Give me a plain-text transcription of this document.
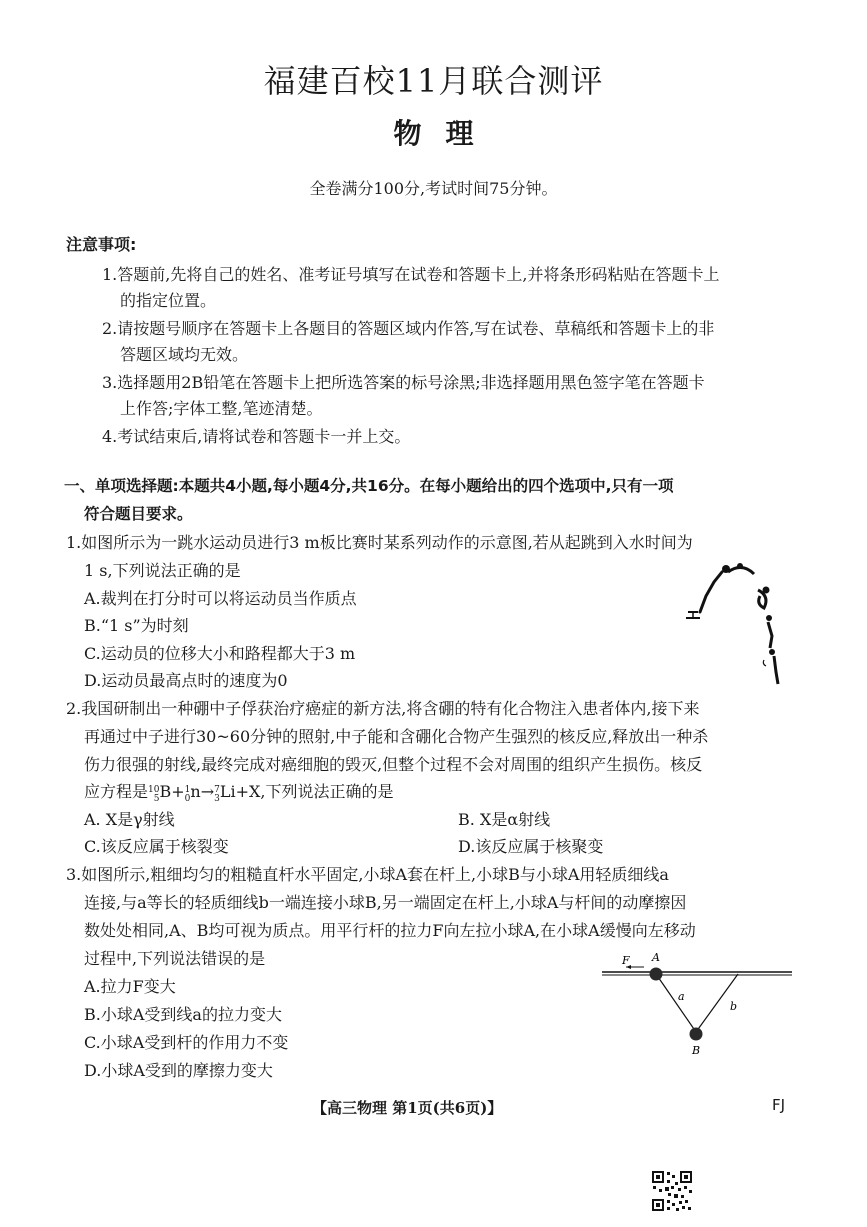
福建百校11月联合测评
物理
全卷满分100分,考试时间75分钟。
注意事项:
1.答题前,先将自己的姓名、准考证号填写在试卷和答题卡上,并将条形码粘贴在答题卡上
的指定位置。
2.请按题号顺序在答题卡上各题目的答题区域内作答,写在试卷、草稿纸和答题卡上的非
答题区域均无效。
3.选择题用2B铅笔在答题卡上把所选答案的标号涂黑;非选择题用黑色签字笔在答题卡
上作答;字体工整,笔迹清楚。
4.考试结束后,请将试卷和答题卡一并上交。
一、单项选择题:本题共4小题,每小题4分,共16分。在每小题给出的四个选项中,只有一项
符合题目要求。
1.如图所示为一跳水运动员进行3 m板比赛时某系列动作的示意图,若从起跳到入水时间为
1 s,下列说法正确的是
A.裁判在打分时可以将运动员当作质点
B.“1 s”为时刻
C.运动员的位移大小和路程都大于3 m
D.运动员最高点时的速度为0
2.我国研制出一种硼中子俘获治疗癌症的新方法,将含硼的特有化合物注入患者体内,接下来
再通过中子进行30~60分钟的照射,中子能和含硼化合物产生强烈的核反应,释放出一种杀
伤力很强的射线,最终完成对癌细胞的毁灭,但整个过程不会对周围的组织产生损伤。核反
应方程是 10
5 B+ 1
0 n→ 7
3 Li+X,下列说法正确的是
A. X是γ射线	B. X是α射线
C.该反应属于核裂变	D.该反应属于核聚变
3.如图所示,粗细均匀的粗糙直杆水平固定,小球A套在杆上,小球B与小球A用轻质细线a
连接,与a等长的轻质细线b一端连接小球B,另一端固定在杆上,小球A与杆间的动摩擦因
数处处相同,A、B均可视为质点。用平行杆的拉力F向左拉小球A,在小球A缓慢向左移动
过程中,下列说法错误的是
A.拉力F变大
B.小球A受到线a的拉力变大
C.小球A受到杆的作用力不变
D.小球A受到的摩擦力变大
F A
a
b
B
【高三物理 第1页(共6页)】	FJ
